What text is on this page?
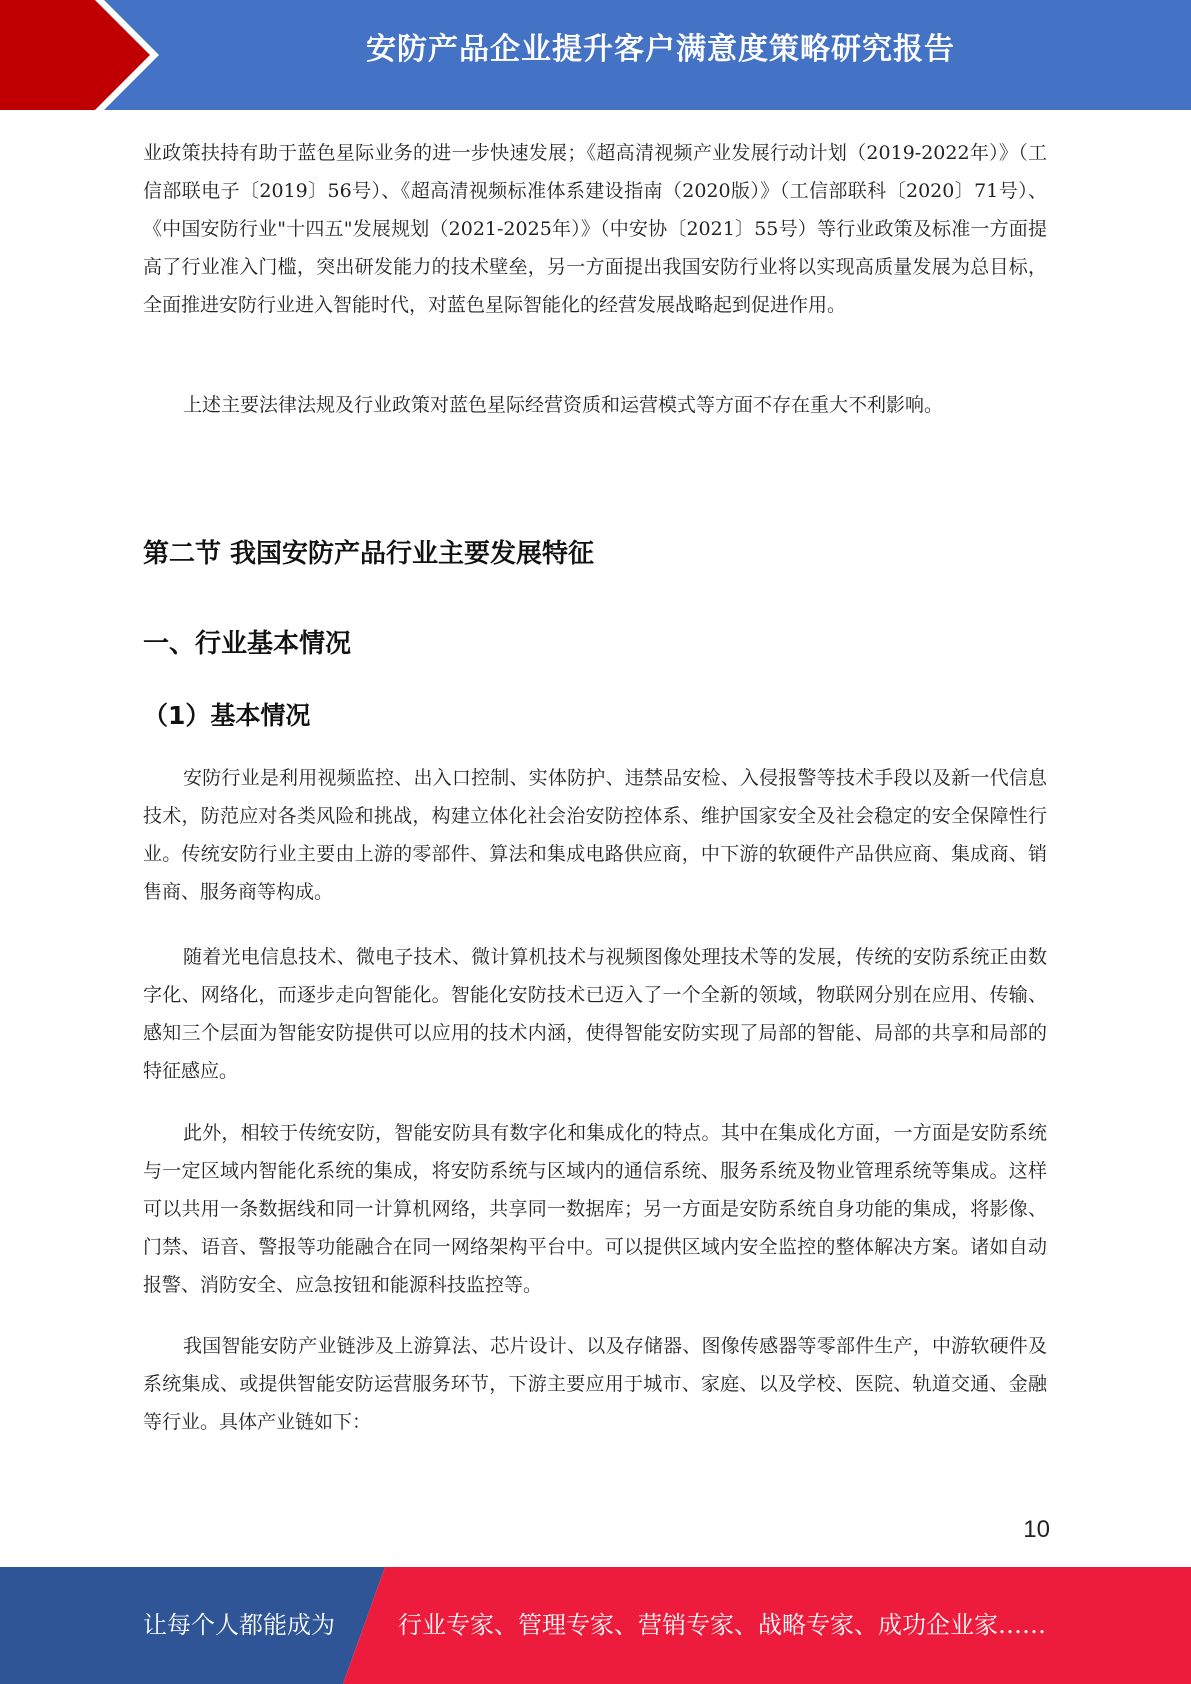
安防产品企业提升客户满意度策略研究报告

业政策扶持有助于蓝色星际业务的进一步快速发展；《超高清视频产业发展行动计划（2019-2022年）》（工信部联电子〔2019〕56号）、《超高清视频标准体系建设指南（2020版）》（工信部联科〔2020〕71号）、《中国安防行业"十四五"发展规划（2021-2025年）》（中安协〔2021〕55号）等行业政策及标准一方面提高了行业准入门槛，突出研发能力的技术壁垒，另一方面提出我国安防行业将以实现高质量发展为总目标，全面推进安防行业进入智能时代，对蓝色星际智能化的经营发展战略起到促进作用。

上述主要法律法规及行业政策对蓝色星际经营资质和运营模式等方面不存在重大不利影响。

第二节 我国安防产品行业主要发展特征
一、行业基本情况
（1）基本情况

安防行业是利用视频监控、出入口控制、实体防护、违禁品安检、入侵报警等技术手段以及新一代信息技术，防范应对各类风险和挑战，构建立体化社会治安防控体系、维护国家安全及社会稳定的安全保障性行业。传统安防行业主要由上游的零部件、算法和集成电路供应商，中下游的软硬件产品供应商、集成商、销售商、服务商等构成。

随着光电信息技术、微电子技术、微计算机技术与视频图像处理技术等的发展，传统的安防系统正由数字化、网络化，而逐步走向智能化。智能化安防技术已迈入了一个全新的领域，物联网分别在应用、传输、感知三个层面为智能安防提供可以应用的技术内涵，使得智能安防实现了局部的智能、局部的共享和局部的特征感应。

此外，相较于传统安防，智能安防具有数字化和集成化的特点。其中在集成化方面，一方面是安防系统与一定区域内智能化系统的集成，将安防系统与区域内的通信系统、服务系统及物业管理系统等集成。这样可以共用一条数据线和同一计算机网络，共享同一数据库；另一方面是安防系统自身功能的集成，将影像、门禁、语音、警报等功能融合在同一网络架构平台中。可以提供区域内安全监控的整体解决方案。诸如自动报警、消防安全、应急按钮和能源科技监控等。

我国智能安防产业链涉及上游算法、芯片设计、以及存储器、图像传感器等零部件生产，中游软硬件及系统集成、或提供智能安防运营服务环节，下游主要应用于城市、家庭、以及学校、医院、轨道交通、金融等行业。具体产业链如下：

10
让每个人都能成为	行业专家、管理专家、营销专家、战略专家、成功企业家……
